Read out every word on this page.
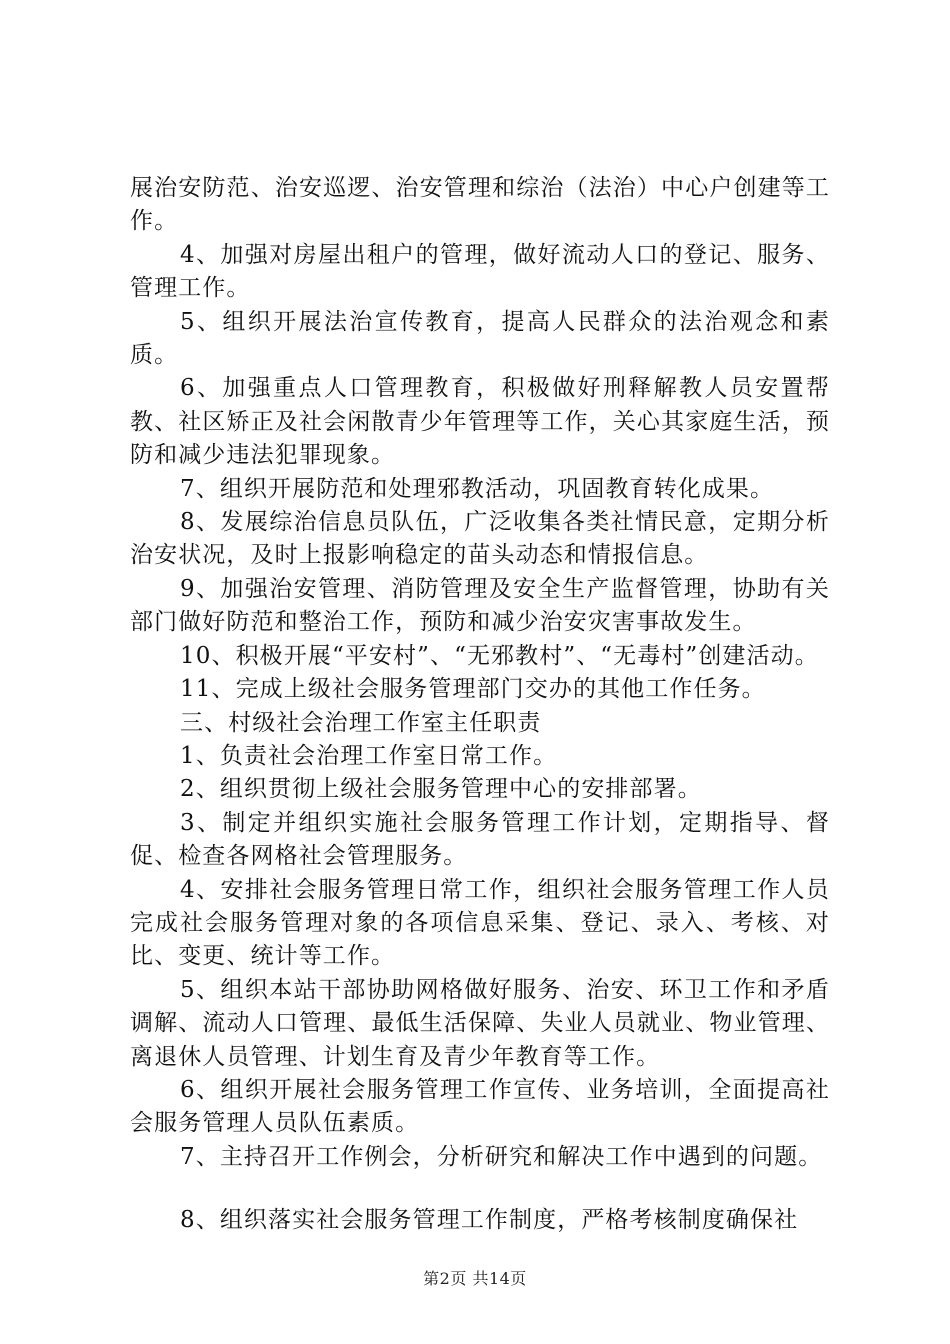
展治安防范、治安巡逻、治安管理和综治（法治）中心户创建等工作。

4、加强对房屋出租户的管理，做好流动人口的登记、服务、管理工作。

5、组织开展法治宣传教育，提高人民群众的法治观念和素质。

6、加强重点人口管理教育，积极做好刑释解教人员安置帮教、社区矫正及社会闲散青少年管理等工作，关心其家庭生活，预防和减少违法犯罪现象。

7、组织开展防范和处理邪教活动，巩固教育转化成果。

8、发展综治信息员队伍，广泛收集各类社情民意，定期分析治安状况，及时上报影响稳定的苗头动态和情报信息。

9、加强治安管理、消防管理及安全生产监督管理，协助有关部门做好防范和整治工作，预防和减少治安灾害事故发生。

10、积极开展“平安村”、“无邪教村”、“无毒村”创建活动。

11、完成上级社会服务管理部门交办的其他工作任务。

三、村级社会治理工作室主任职责

1、负责社会治理工作室日常工作。

2、组织贯彻上级社会服务管理中心的安排部署。

3、制定并组织实施社会服务管理工作计划，定期指导、督促、检查各网格社会管理服务。

4、安排社会服务管理日常工作，组织社会服务管理工作人员完成社会服务管理对象的各项信息采集、登记、录入、考核、对比、变更、统计等工作。

5、组织本站干部协助网格做好服务、治安、环卫工作和矛盾调解、流动人口管理、最低生活保障、失业人员就业、物业管理、离退休人员管理、计划生育及青少年教育等工作。

6、组织开展社会服务管理工作宣传、业务培训，全面提高社会服务管理人员队伍素质。

7、主持召开工作例会，分析研究和解决工作中遇到的问题。

8、组织落实社会服务管理工作制度，严格考核制度确保社

第2页 共14页
